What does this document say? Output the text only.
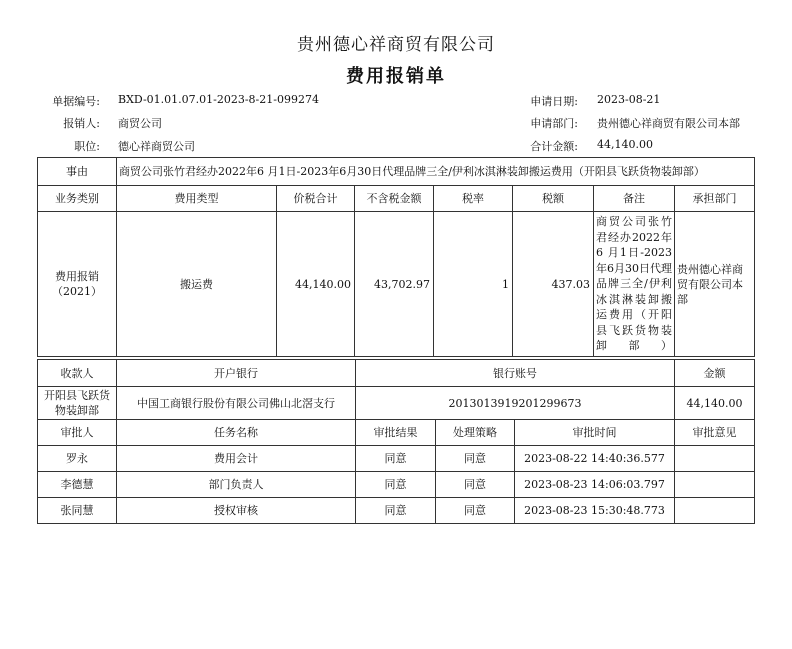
贵州德心祥商贸有限公司
费用报销单
单据编号: BXD-01.01.07.01-2023-8-21-099274	申请日期: 2023-08-21
报销人: 商贸公司	申请部门: 贵州德心祥商贸有限公司本部
职位: 德心祥商贸公司	合计金额: 44,140.00
事由	商贸公司张竹君经办2022年6 月1日-2023年6月30日代理品牌三全/伊利冰淇淋装卸搬运费用（开阳县飞跃货物装卸部）						
业务类别	费用类型	价税合计	不含税金额	税率	税额	备注	承担部门
费用报销（2021）	搬运费	44,140.00	43,702.97	1	437.03	商贸公司张竹君经办2022年6 月1日-2023年6月30日代理品牌三全/伊利冰淇淋装卸搬运费用（开阳县飞跃货物装卸部）	贵州德心祥商贸有限公司本部
收款人	开户银行	银行账号	金额
开阳县飞跃货物装卸部	中国工商银行股份有限公司佛山北滘支行	2013013919201299673	44,140.00
审批人	任务名称	审批结果	处理策略	审批时间	审批意见
罗永	费用会计	同意	同意	2023-08-22 14:40:36.577	
李德慧	部门负责人	同意	同意	2023-08-23 14:06:03.797	
张同慧	授权审核	同意	同意	2023-08-23 15:30:48.773	
